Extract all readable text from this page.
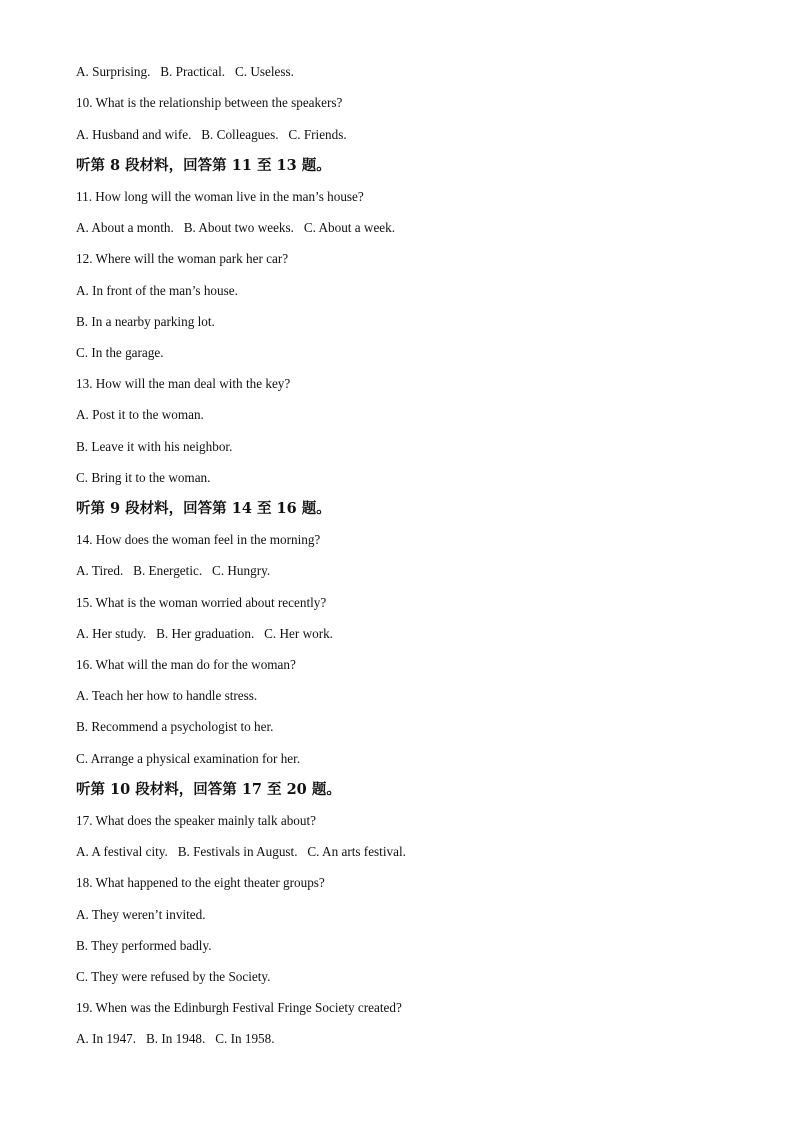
A. Surprising.   B. Practical.   C. Useless.
10. What is the relationship between the speakers?
A. Husband and wife.   B. Colleagues.   C. Friends.
听第 8 段材料，回答第 11 至 13 题。
11. How long will the woman live in the man’s house?
A. About a month.   B. About two weeks.   C. About a week.
12. Where will the woman park her car?
A. In front of the man’s house.
B. In a nearby parking lot.
C. In the garage.
13. How will the man deal with the key?
A. Post it to the woman.
B. Leave it with his neighbor.
C. Bring it to the woman.
听第 9 段材料，回答第 14 至 16 题。
14. How does the woman feel in the morning?
A. Tired.   B. Energetic.   C. Hungry.
15. What is the woman worried about recently?
A. Her study.   B. Her graduation.   C. Her work.
16. What will the man do for the woman?
A. Teach her how to handle stress.
B. Recommend a psychologist to her.
C. Arrange a physical examination for her.
听第 10 段材料，回答第 17 至 20 题。
17. What does the speaker mainly talk about?
A. A festival city.   B. Festivals in August.   C. An arts festival.
18. What happened to the eight theater groups?
A. They weren’t invited.
B. They performed badly.
C. They were refused by the Society.
19. When was the Edinburgh Festival Fringe Society created?
A. In 1947.   B. In 1948.   C. In 1958.
